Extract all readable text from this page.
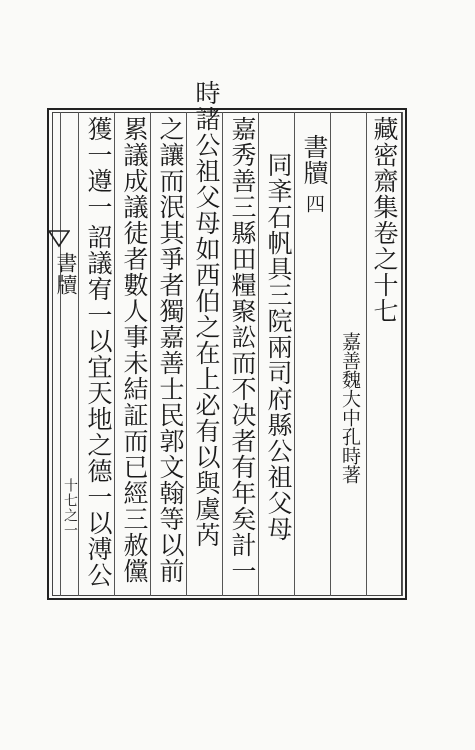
藏密齋集卷之十七
嘉善魏大中孔時著
書牘四
同㪯石帆具三院兩司府縣公祖父母
嘉秀善三縣田糧聚訟而不决者有年矣計一
時諸公祖父母如西伯之在上必有以與虞芮
之讓而泯其爭者獨嘉善士民郭文翰等以前
累議成議徒者數人事未結証而已經三赦儻
獲一遵一
詔議宥一以宜天地之德一以溥公
書牘
十七之一
